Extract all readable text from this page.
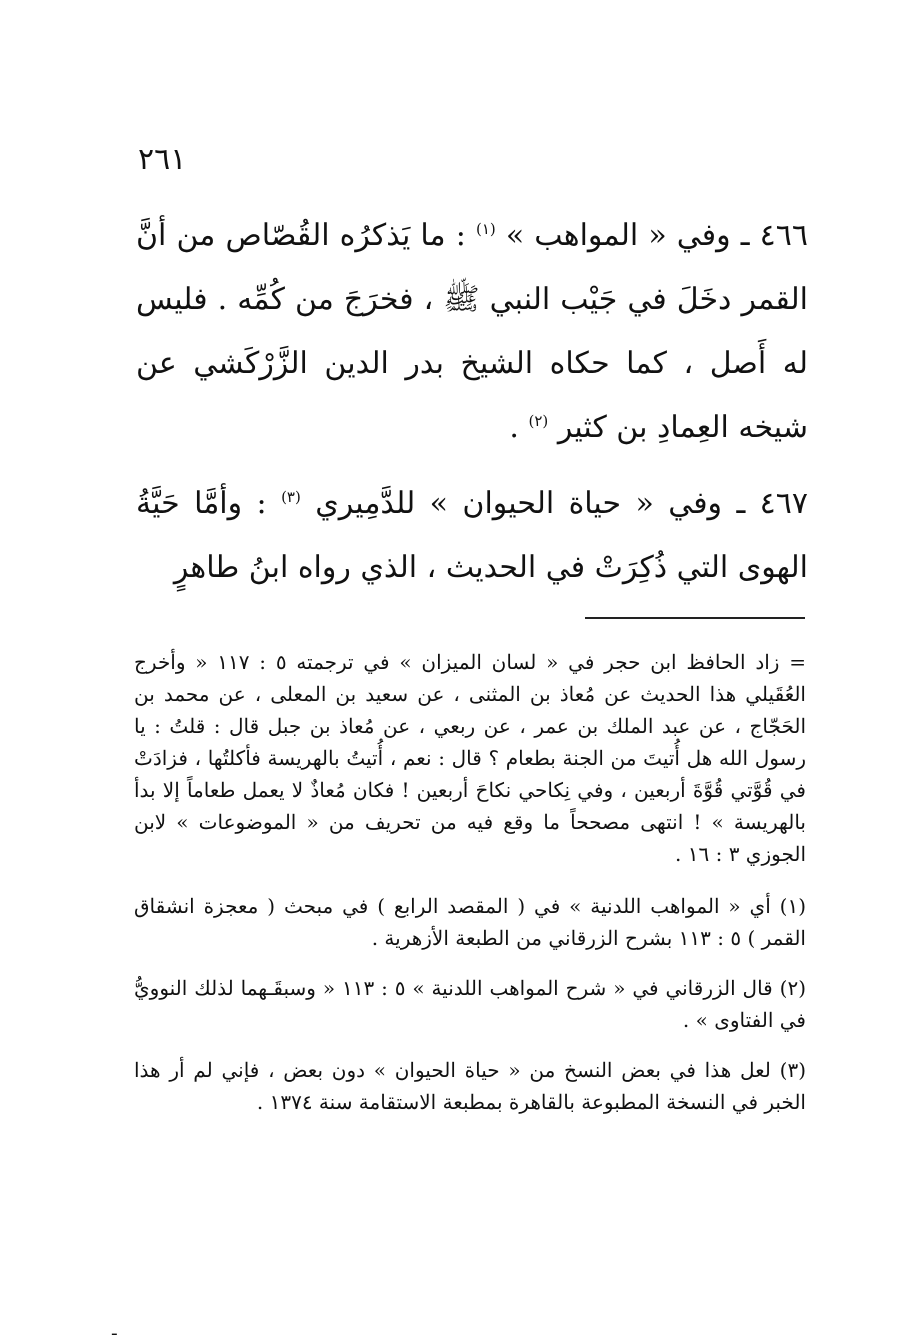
٢٦١

٤٦٦ ـ وفي « المواهب » $^{(١)}$ : ما يَذكرُه القُصّاص من أنَّ القمر دخَلَ في جَيْب النبي ﷺ ، فخرَجَ من كُمِّه . فليس له أَصل ، كما حكاه الشيخ بدر الدين الزَّرْكَشي عن شيخه العِمادِ بن كثير $^{(٢)}$ .

٤٦٧ ـ وفي « حياة الحيوان » للدَّمِيري $^{(٣)}$ : وأمَّا حَيَّةُ الهوى التي ذُكِرَتْ في الحديث ، الذي رواه ابنُ طاهرٍ

= زاد الحافظ ابن حجر في « لسان الميزان » في ترجمته ٥ : ١١٧ « وأخرج العُقَيلي هذا الحديث عن مُعاذ بن المثنى ، عن سعيد بن المعلى ، عن محمد بن الحَجّاج ، عن عبد الملك بن عمر ، عن ربعي ، عن مُعاذ بن جبل قال : قلتُ : يا رسول الله هل أُتيتَ من الجنة بطعام ؟ قال : نعم ، أُتيتُ بالهريسة فأكلتُها ، فزادَتْ في قُوَّتي قُوَّةَ أربعين ، وفي نِكاحي نكاحَ أربعين ! فكان مُعاذٌ لا يعمل طعاماً إلا بدأ بالهريسة » ! انتهى مصححاً ما وقع فيه من تحريف من « الموضوعات » لابن الجوزي ٣ : ١٦ .

(١) أي « المواهب اللدنية » في ( المقصد الرابع ) في مبحث ( معجزة انشقاق القمر ) ٥ : ١١٣ بشرح الزرقاني من الطبعة الأزهرية .

(٢) قال الزرقاني في « شرح المواهب اللدنية » ٥ : ١١٣ « وسبقَـهما لذلك النوويُّ في الفتاوى » .

(٣) لعل هذا في بعض النسخ من « حياة الحيوان » دون بعض ، فإني لم أر هذا الخبر في النسخة المطبوعة بالقاهرة بمطبعة الاستقامة سنة ١٣٧٤ .

ـ
